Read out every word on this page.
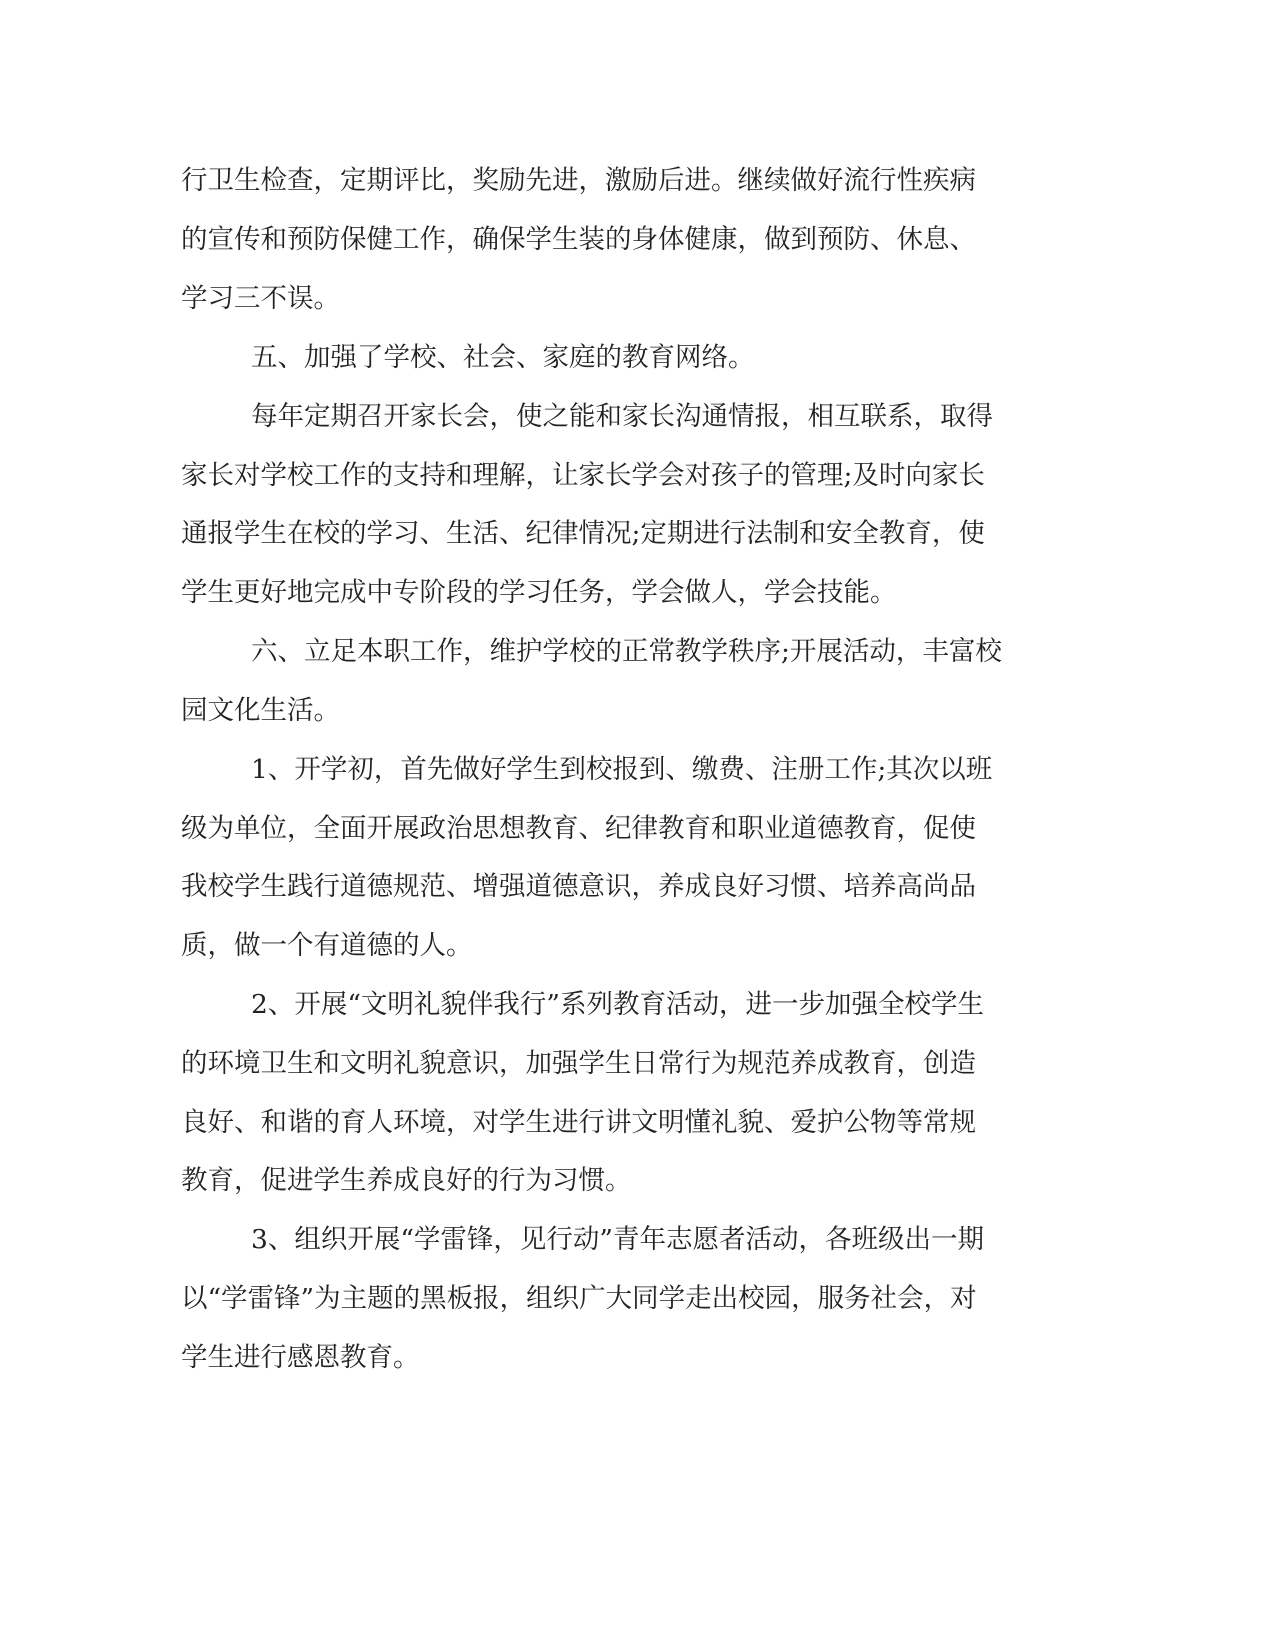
行卫生检查，定期评比，奖励先进，激励后进。继续做好流行性疾病

的宣传和预防保健工作，确保学生装的身体健康，做到预防、休息、

学习三不误。

五、加强了学校、社会、家庭的教育网络。

每年定期召开家长会，使之能和家长沟通情报，相互联系，取得

家长对学校工作的支持和理解，让家长学会对孩子的管理;及时向家长

通报学生在校的学习、生活、纪律情况;定期进行法制和安全教育，使

学生更好地完成中专阶段的学习任务，学会做人，学会技能。

六、立足本职工作，维护学校的正常教学秩序;开展活动，丰富校

园文化生活。

1、开学初，首先做好学生到校报到、缴费、注册工作;其次以班

级为单位，全面开展政治思想教育、纪律教育和职业道德教育，促使

我校学生践行道德规范、增强道德意识，养成良好习惯、培养高尚品

质，做一个有道德的人。

2、开展“文明礼貌伴我行”系列教育活动，进一步加强全校学生

的环境卫生和文明礼貌意识，加强学生日常行为规范养成教育，创造

良好、和谐的育人环境，对学生进行讲文明懂礼貌、爱护公物等常规

教育，促进学生养成良好的行为习惯。

3、组织开展“学雷锋，见行动”青年志愿者活动，各班级出一期

以“学雷锋”为主题的黑板报，组织广大同学走出校园，服务社会，对

学生进行感恩教育。
